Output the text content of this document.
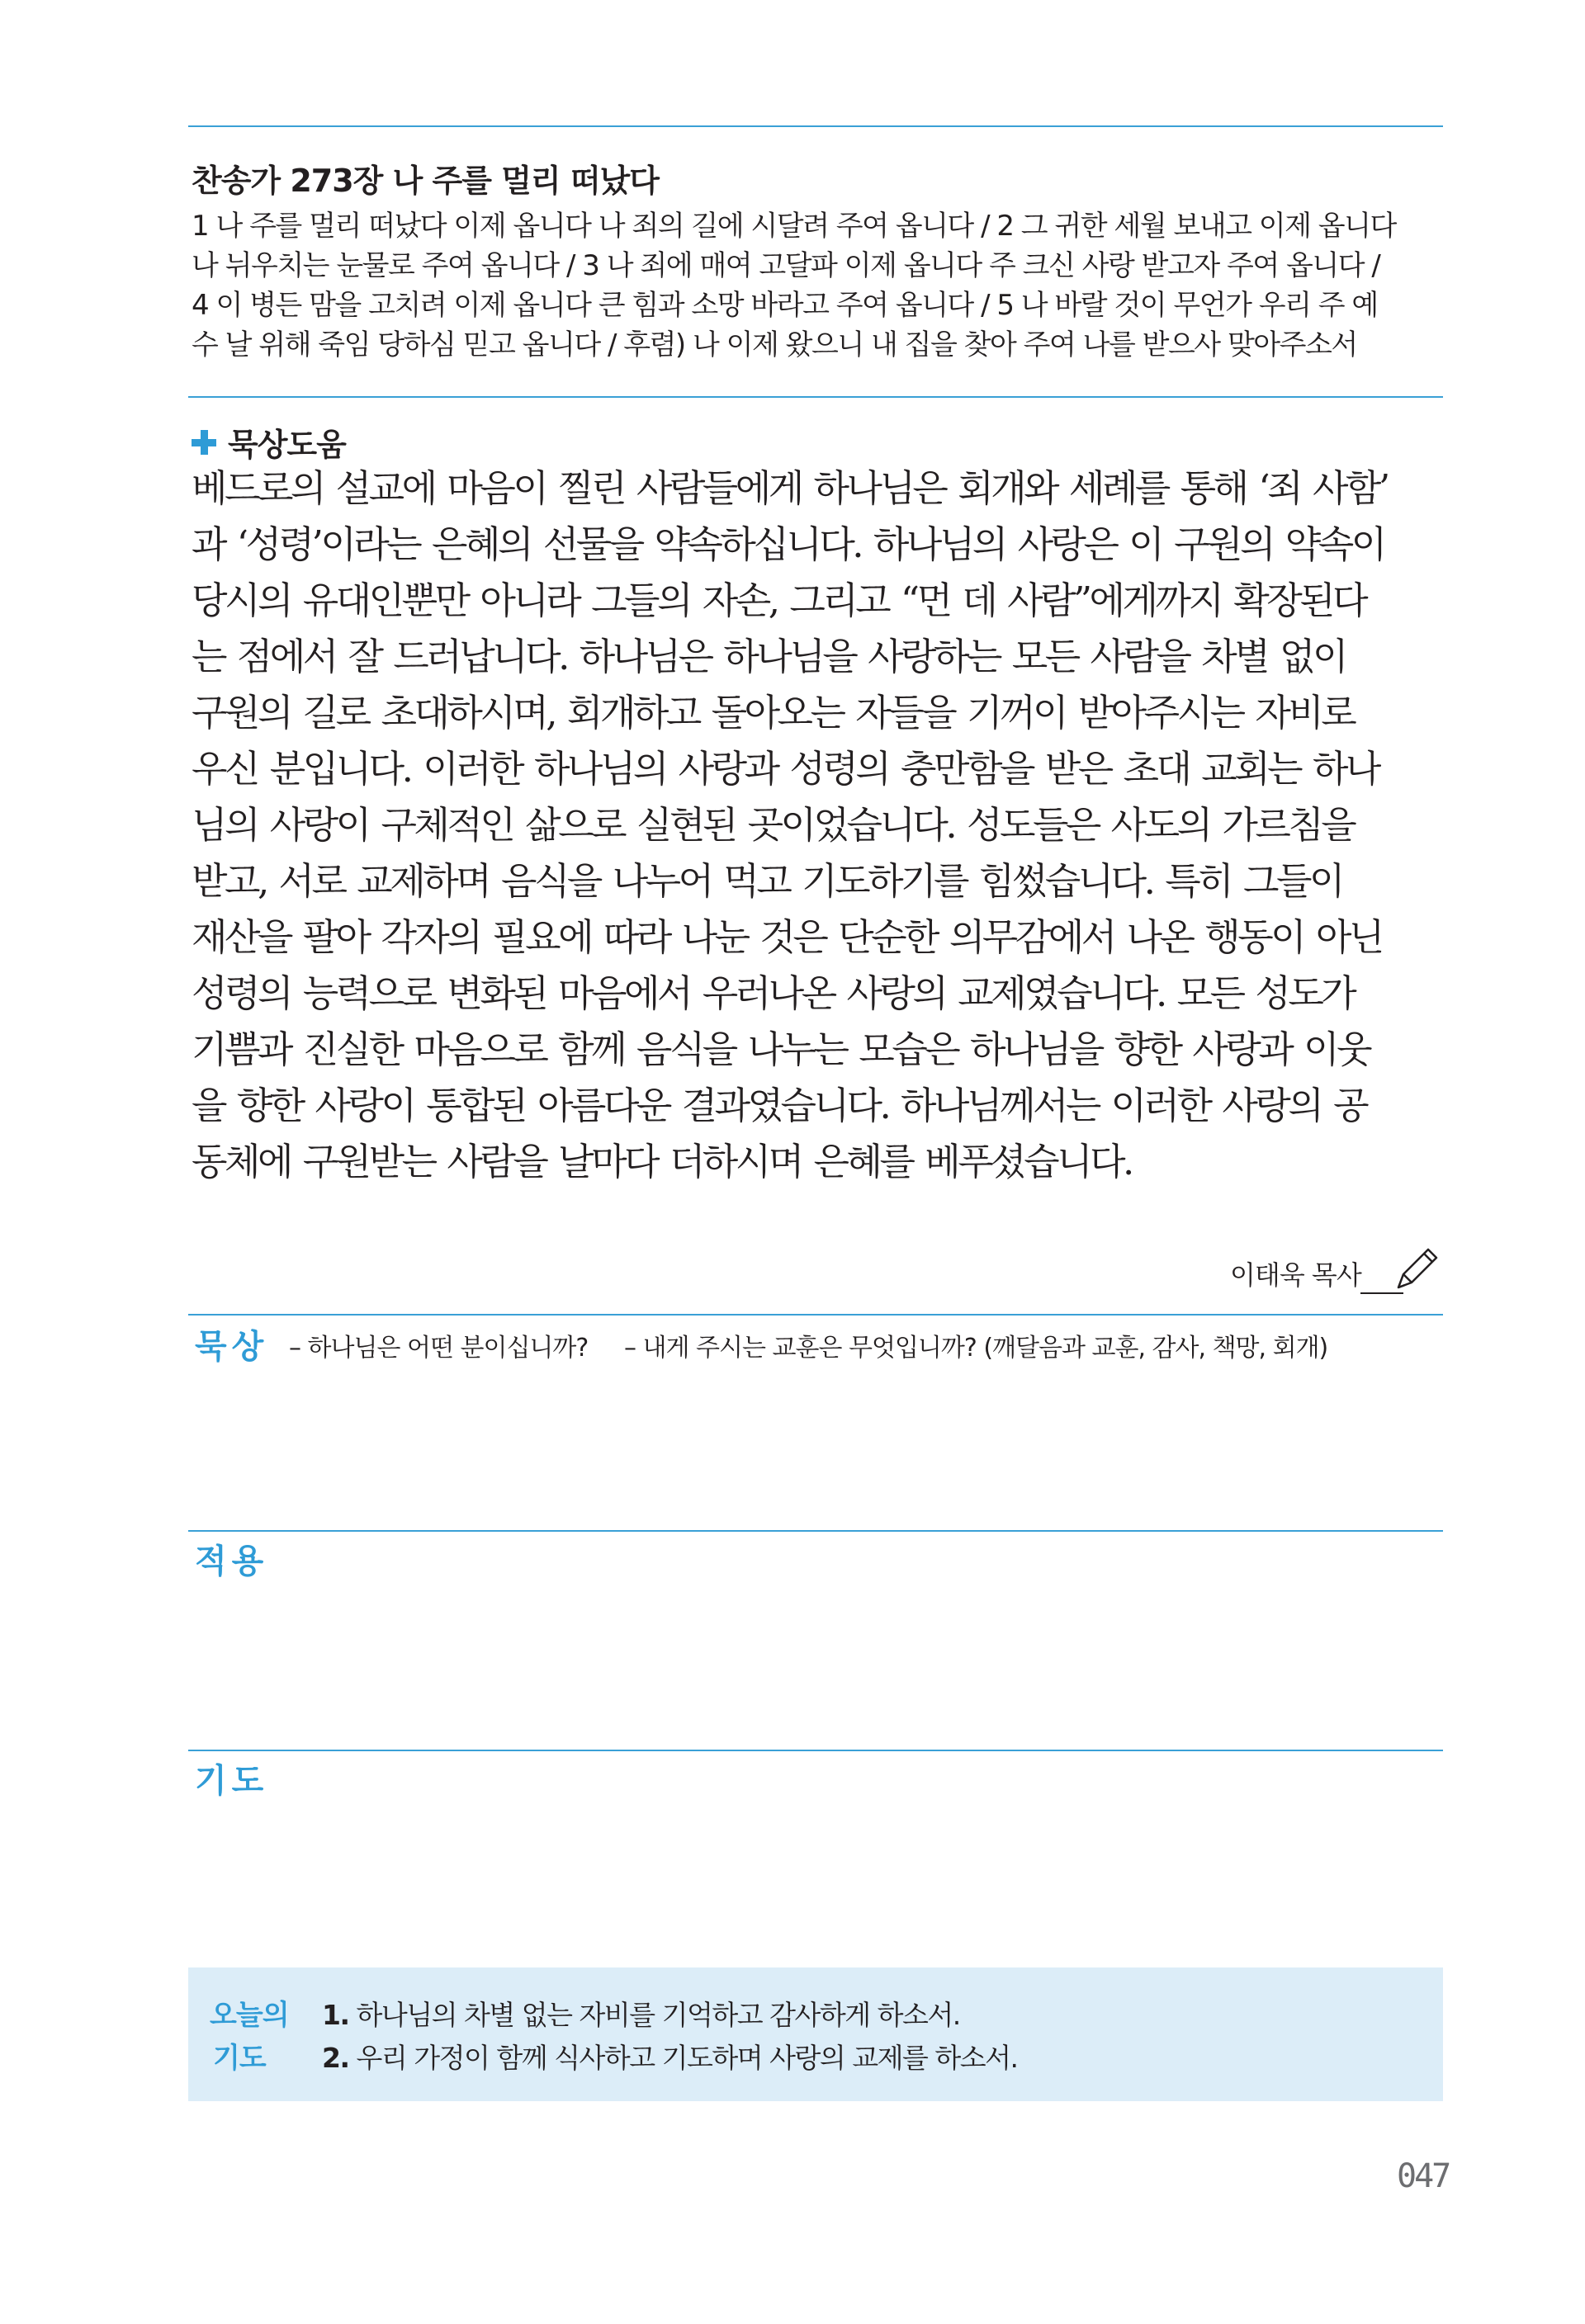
찬송가 273장 나 주를 멀리 떠났다
1 나 주를 멀리 떠났다 이제 옵니다 나 죄의 길에 시달려 주여 옵니다 / 2 그 귀한 세월 보내고 이제 옵니다
나 뉘우치는 눈물로 주여 옵니다 / 3 나 죄에 매여 고달파 이제 옵니다 주 크신 사랑 받고자 주여 옵니다 /
4 이 병든 맘을 고치려 이제 옵니다 큰 힘과 소망 바라고 주여 옵니다 / 5 나 바랄 것이 무언가 우리 주 예
수 날 위해 죽임 당하심 믿고 옵니다 / 후렴) 나 이제 왔으니 내 집을 찾아 주여 나를 받으사 맞아주소서
묵상도움
베드로의 설교에 마음이 찔린 사람들에게 하나님은 회개와 세례를 통해 ‘죄 사함’
과 ‘성령’이라는 은혜의 선물을 약속하십니다. 하나님의 사랑은 이 구원의 약속이
당시의 유대인뿐만 아니라 그들의 자손, 그리고 “먼 데 사람”에게까지 확장된다
는 점에서 잘 드러납니다. 하나님은 하나님을 사랑하는 모든 사람을 차별 없이
구원의 길로 초대하시며, 회개하고 돌아오는 자들을 기꺼이 받아주시는 자비로
우신 분입니다. 이러한 하나님의 사랑과 성령의 충만함을 받은 초대 교회는 하나
님의 사랑이 구체적인 삶으로 실현된 곳이었습니다. 성도들은 사도의 가르침을
받고, 서로 교제하며 음식을 나누어 먹고 기도하기를 힘썼습니다. 특히 그들이
재산을 팔아 각자의 필요에 따라 나눈 것은 단순한 의무감에서 나온 행동이 아닌
성령의 능력으로 변화된 마음에서 우러나온 사랑의 교제였습니다. 모든 성도가
기쁨과 진실한 마음으로 함께 음식을 나누는 모습은 하나님을 향한 사랑과 이웃
을 향한 사랑이 통합된 아름다운 결과였습니다. 하나님께서는 이러한 사랑의 공
동체에 구원받는 사람을 날마다 더하시며 은혜를 베푸셨습니다.
이태욱 목사
묵상 – 하나님은 어떤 분이십니까? – 내게 주시는 교훈은 무엇입니까? (깨달음과 교훈, 감사, 책망, 회개)
적용
기도
오늘의
기도
1. 하나님의 차별 없는 자비를 기억하고 감사하게 하소서.
2. 우리 가정이 함께 식사하고 기도하며 사랑의 교제를 하소서.
047
